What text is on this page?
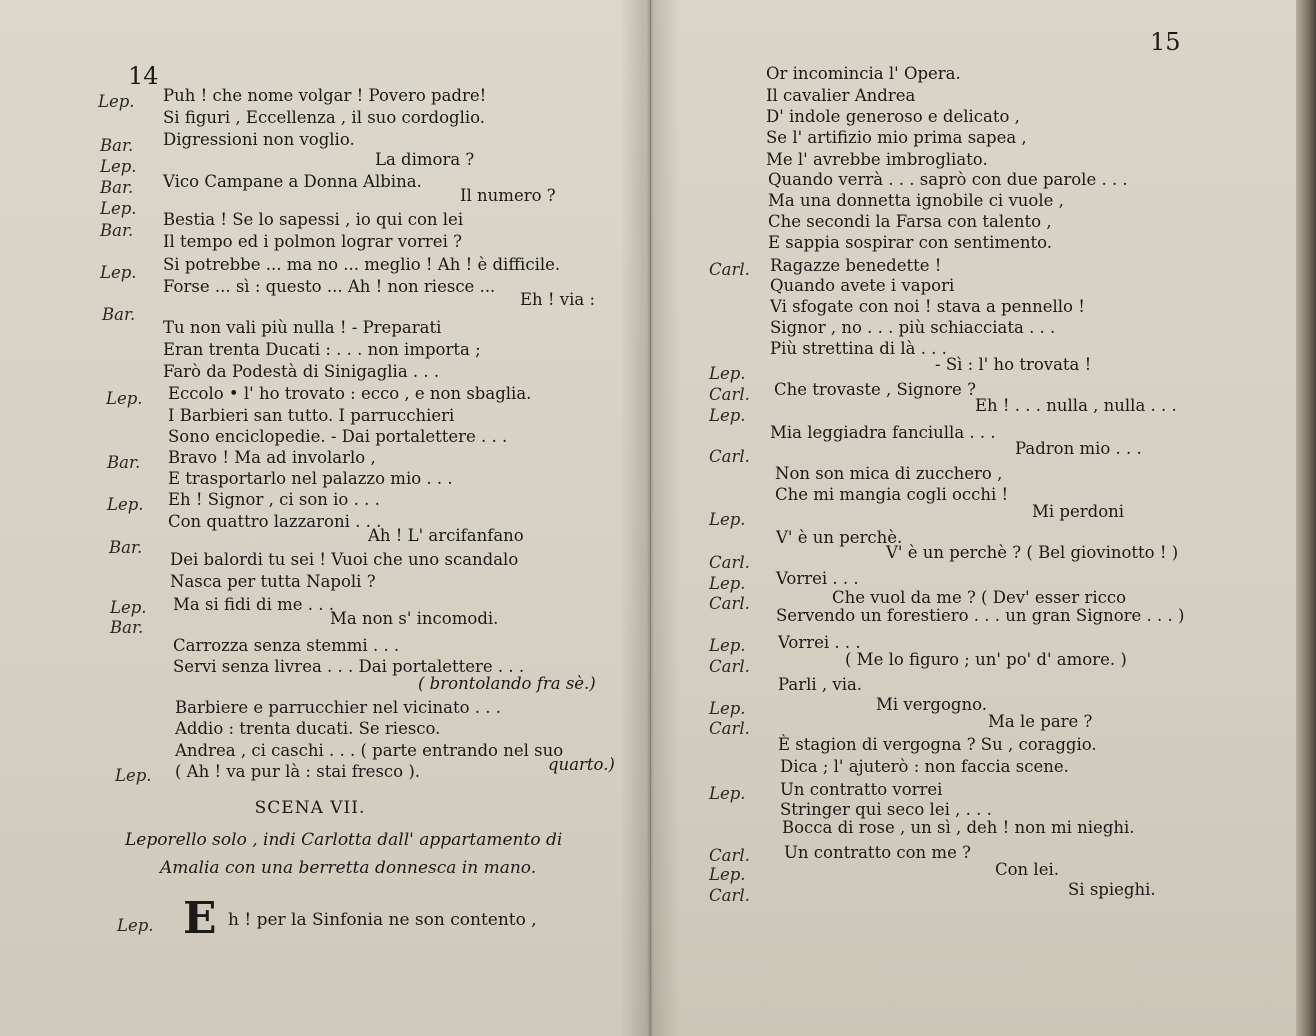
14
Lep.
Bar.
Lep.
Bar.
Lep.
Bar.
Lep.
Bar.
Lep.
Bar.
Lep.
Bar.
Lep.
Bar.
Lep.
Puh ! che nome volgar ! Povero padre!
Si figuri , Eccellenza , il suo cordoglio.
Digressioni non voglio.
La dimora ?
Vico Campane a Donna Albina.
Il numero ?
Bestia ! Se lo sapessi , io qui con lei
Il tempo ed i polmon lograr vorrei ?
Si potrebbe ... ma no ... meglio ! Ah ! è difficile.
Forse ... sì : questo ... Ah ! non riesce ...
Eh ! via :
Tu non vali più nulla ! - Preparati
Eran trenta Ducati : . . . non importa ;
Farò da Podestà di Sinigaglia . . .
Eccolo • l' ho trovato : ecco , e non sbaglia.
I Barbieri san tutto. I parrucchieri
Sono enciclopedie. - Dai portalettere . . .
Bravo ! Ma ad involarlo ,
E trasportarlo nel palazzo mio . . .
Eh ! Signor , ci son io . . .
Con quattro lazzaroni . . .
Ah ! L' arcifanfano
Dei balordi tu sei ! Vuoi che uno scandalo
Nasca per tutta Napoli ?
Ma si fidi di me . . .
Ma non s' incomodi.
Carrozza senza stemmi . . .
Servi senza livrea . . . Dai portalettere . . .
( brontolando fra sè.)
Barbiere e parrucchier nel vicinato . . .
Addio : trenta ducati. Se riesco.
Andrea , ci caschi . . . ( parte entrando nel suo
( Ah ! va pur là : stai fresco ).	quarto.)
SCENA VII.
Leporello solo , indi Carlotta dall' appartamento di
Amalia con una berretta donnesca in mano.
Lep. E h ! per la Sinfonia ne son contento ,
15
Carl.
Lep.
Carl.
Lep.
Carl.
Lep.
Carl.
Lep.
Carl.
Lep.
Carl.
Lep.
Carl.
Lep.
Carl.
Lep.
Carl.
Or incomincia l' Opera.
Il cavalier Andrea
D' indole generoso e delicato ,
Se l' artifizio mio prima sapea ,
Me l' avrebbe imbrogliato.
Quando verrà . . . saprò con due parole . . .
Ma una donnetta ignobile ci vuole ,
Che secondi la Farsa con talento ,
E sappia sospirar con sentimento.
Ragazze benedette !
Quando avete i vapori
Vi sfogate con noi ! stava a pennello !
Signor , no . . . più schiacciata . . .
Più strettina di là . . .
- Sì : l' ho trovata !
Che trovaste , Signore ?
Eh ! . . . nulla , nulla . . .
Mia leggiadra fanciulla . . .
Padron mio . . .
Non son mica di zucchero ,
Che mi mangia cogli occhi !
Mi perdoni
V' è un perchè.
V' è un perchè ? ( Bel giovinotto ! )
Vorrei . . .
Che vuol da me ? ( Dev' esser ricco
Servendo un forestiero . . . un gran Signore . . . )
Vorrei . . .
( Me lo figuro ; un' po' d' amore. )
Parli , via.
Mi vergogno.
Ma le pare ?
È stagion di vergogna ? Su , coraggio.
Dica ; l' ajuterò : non faccia scene.
Un contratto vorrei
Stringer qui seco lei , . . .
Bocca di rose , un sì , deh ! non mi nieghi.
Un contratto con me ?
Con lei.
Si spieghi.
